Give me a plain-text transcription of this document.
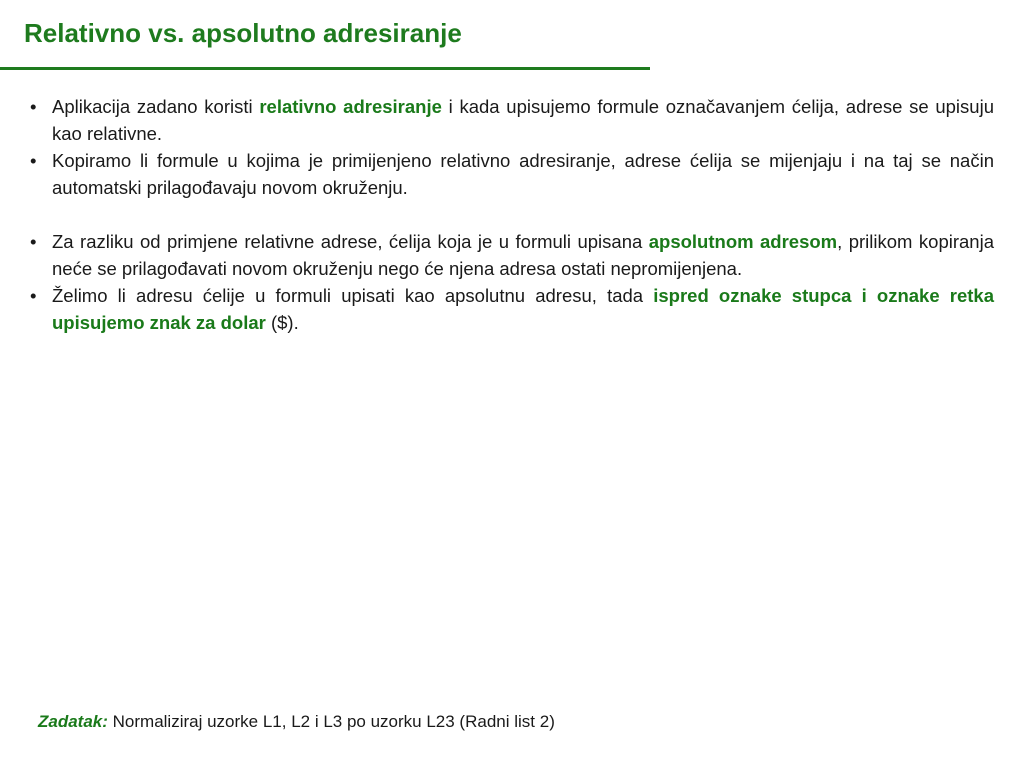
Relativno vs. apsolutno adresiranje
• Aplikacija zadano koristi relativno adresiranje i kada upisujemo formule označavanjem ćelija, adrese se upisuju kao relativne.
• Kopiramo li formule u kojima je primijenjeno relativno adresiranje, adrese ćelija se mijenjaju i na taj se način automatski prilagođavaju novom okruženju.
• Za razliku od primjene relativne adrese, ćelija koja je u formuli upisana apsolutnom adresom, prilikom kopiranja neće se prilagođavati novom okruženju nego će njena adresa ostati nepromijenjena.
• Želimo li adresu ćelije u formuli upisati kao apsolutnu adresu, tada ispred oznake stupca i oznake retka upisujemo znak za dolar ($).
Zadatak: Normaliziraj uzorke L1, L2 i L3 po uzorku L23 (Radni list 2)
